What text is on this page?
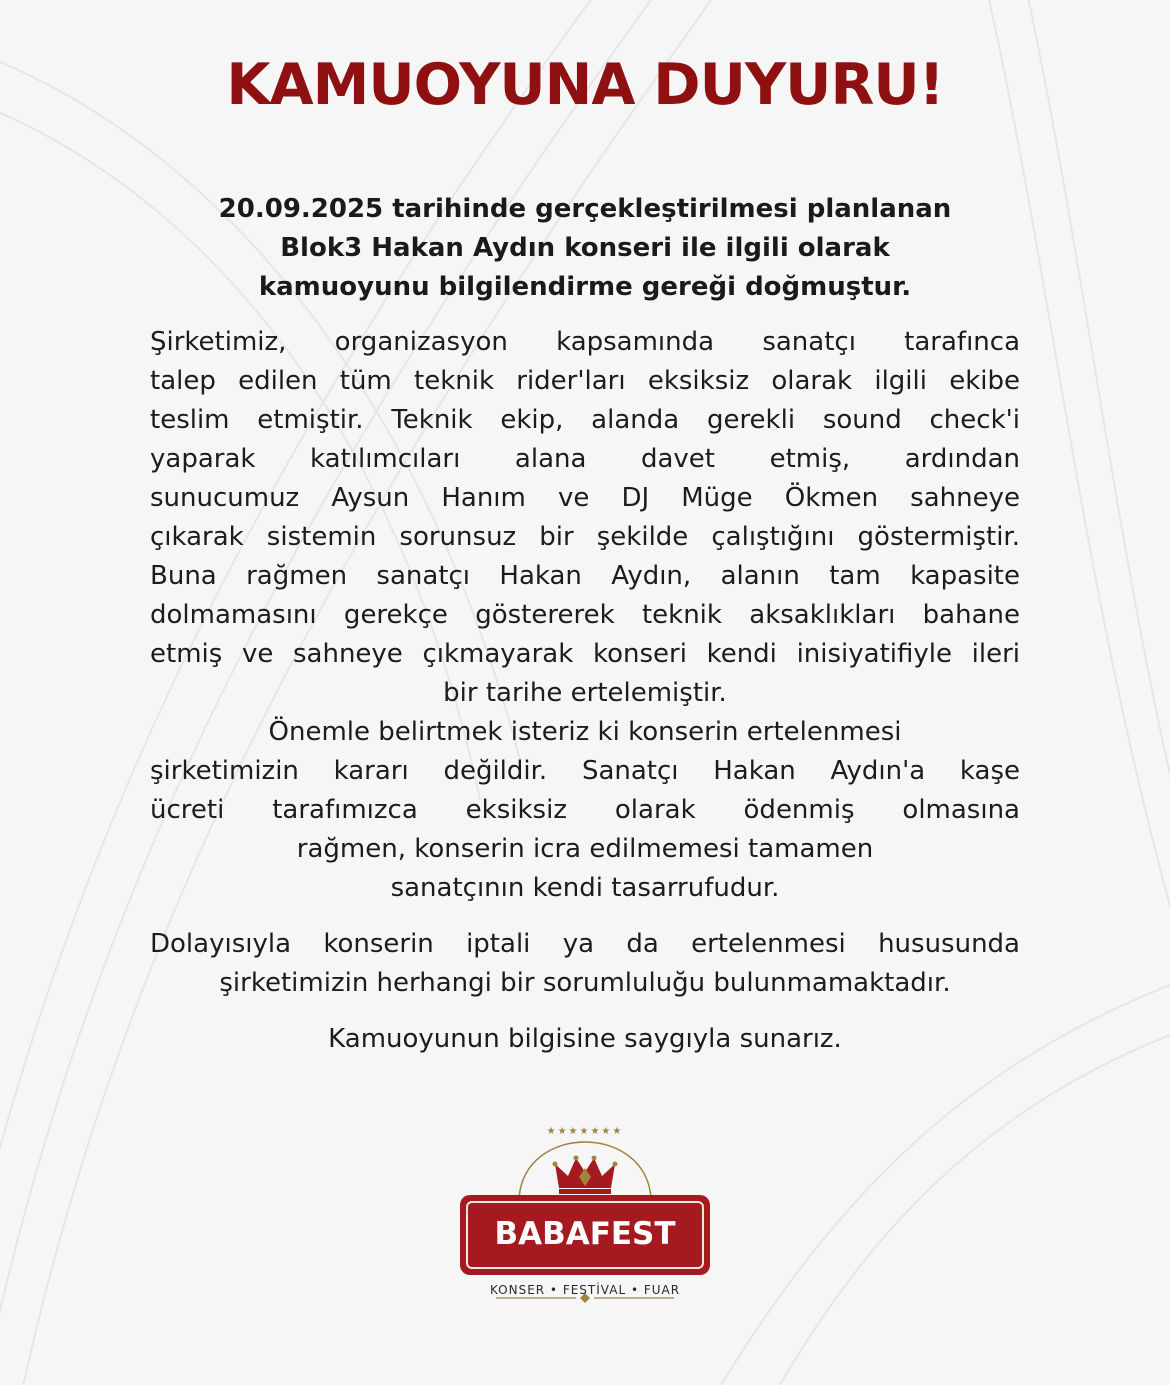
KAMUOYUNA DUYURU!
20.09.2025 tarihinde gerçekleştirilmesi planlanan
Blok3 Hakan Aydın konseri ile ilgili olarak
kamuoyunu bilgilendirme gereği doğmuştur.
Şirketimiz, organizasyon kapsamında sanatçı tarafınca
talep edilen tüm teknik rider'ları eksiksiz olarak ilgili ekibe
teslim etmiştir. Teknik ekip, alanda gerekli sound check'i
yaparak katılımcıları alana davet etmiş, ardından
sunucumuz Aysun Hanım ve DJ Müge Ökmen sahneye
çıkarak sistemin sorunsuz bir şekilde çalıştığını göstermiştir.
Buna rağmen sanatçı Hakan Aydın, alanın tam kapasite
dolmamasını gerekçe göstererek teknik aksaklıkları bahane
etmiş ve sahneye çıkmayarak konseri kendi inisiyatifiyle ileri
bir tarihe ertelemiştir.
Önemle belirtmek isteriz ki konserin ertelenmesi
şirketimizin kararı değildir. Sanatçı Hakan Aydın'a kaşe
ücreti tarafımızca eksiksiz olarak ödenmiş olmasına
rağmen, konserin icra edilmemesi tamamen
sanatçının kendi tasarrufudur.
Dolayısıyla konserin iptali ya da ertelenmesi hususunda
şirketimizin herhangi bir sorumluluğu bulunmamaktadır.
Kamuoyunun bilgisine saygıyla sunarız.
★★★★★★★
BABAFEST
KONSER • FESTİVAL • FUAR
